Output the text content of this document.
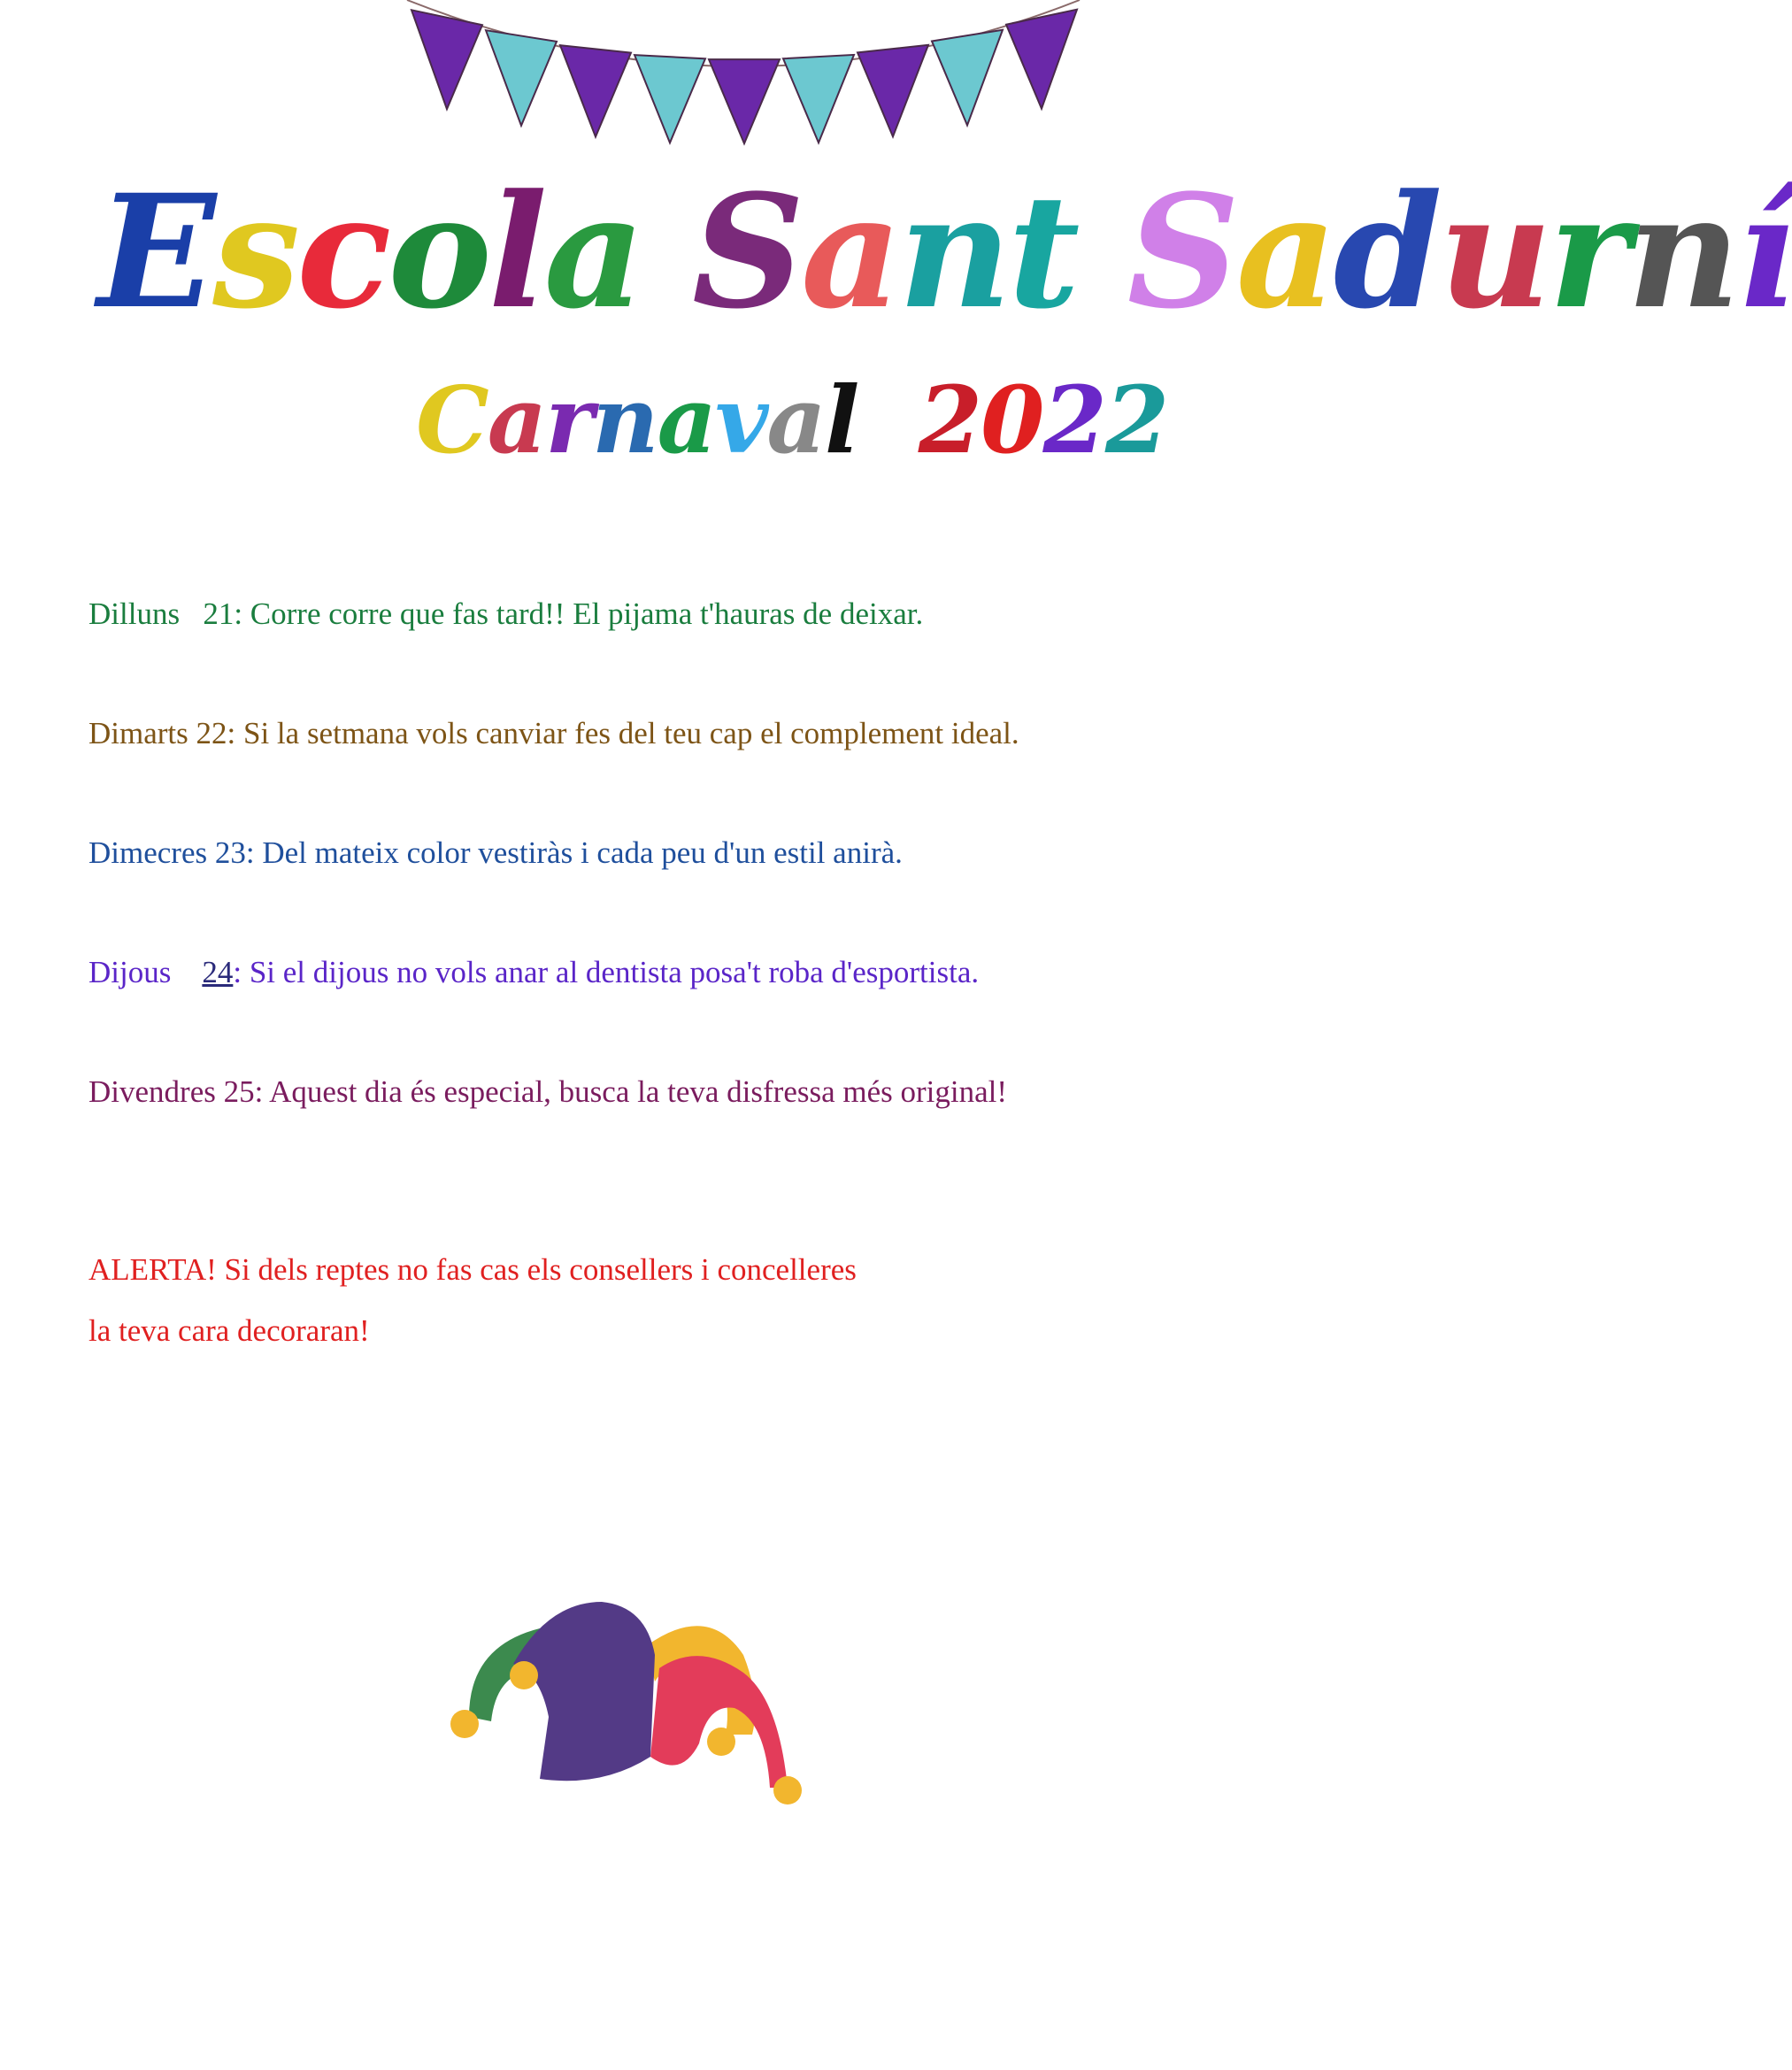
Escola Sant Sadurní
Carnaval 2022
Dilluns 21: Corre corre que fas tard!! El pijama t'hauras de deixar.
Dimarts 22: Si la setmana vols canviar fes del teu cap el complement ideal.
Dimecres 23: Del mateix color vestiràs i cada peu d'un estil anirà.
Dijous 24: Si el dijous no vols anar al dentista posa't roba d'esportista.
Divendres 25: Aquest dia és especial, busca la teva disfressa més original!
ALERTA! Si dels reptes no fas cas els consellers i concelleres
la teva cara decoraran!
